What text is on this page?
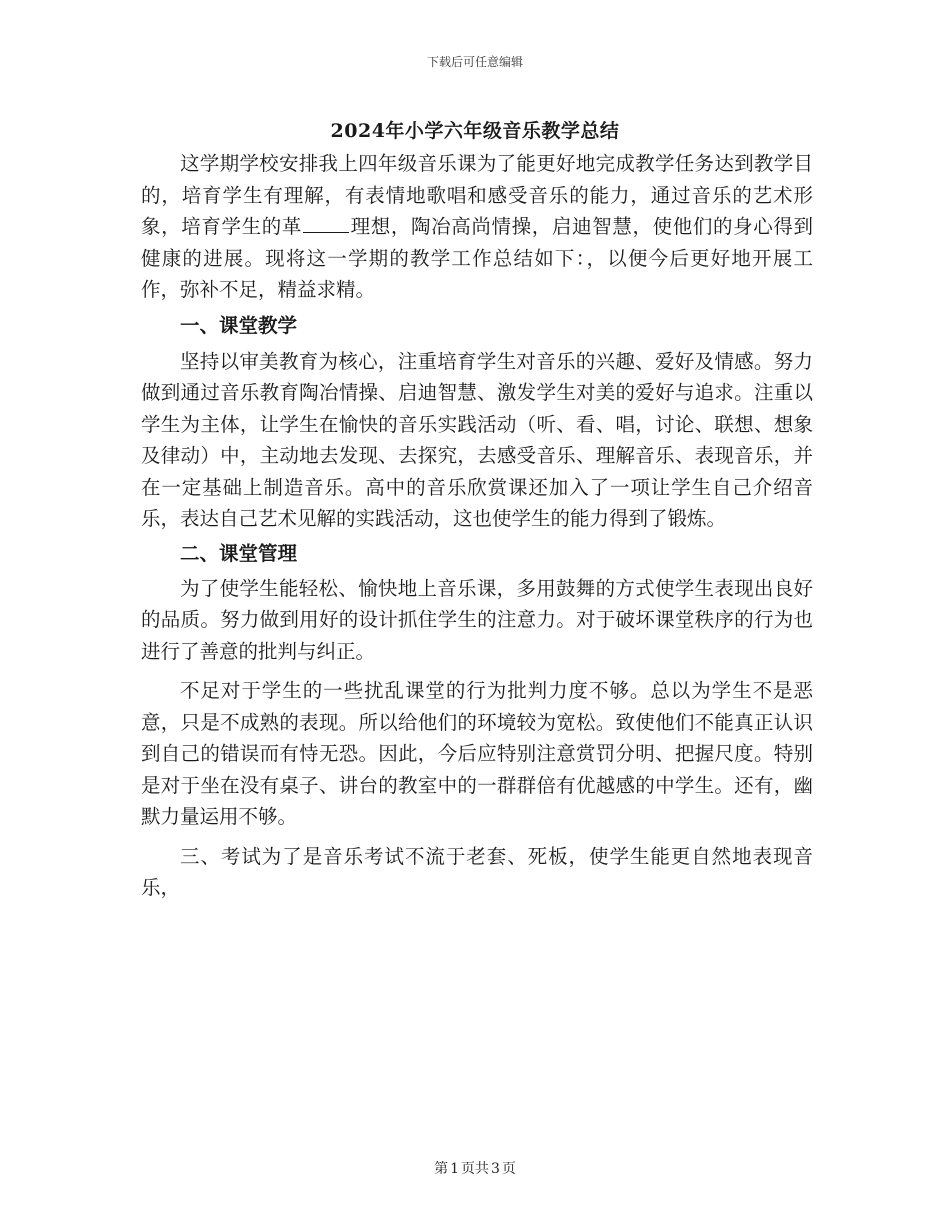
下载后可任意编辑
2024年小学六年级音乐教学总结

这学期学校安排我上四年级音乐课为了能更好地完成教学任务达到教学目的，培育学生有理解，有表情地歌唱和感受音乐的能力，通过音乐的艺术形象，培育学生的革 理想，陶冶高尚情操，启迪智慧，使他们的身心得到健康的进展。现将这一学期的教学工作总结如下：，以便今后更好地开展工作，弥补不足，精益求精。

一、课堂教学

坚持以审美教育为核心，注重培育学生对音乐的兴趣、爱好及情感。努力做到通过音乐教育陶冶情操、启迪智慧、激发学生对美的爱好与追求。注重以学生为主体，让学生在愉快的音乐实践活动（听、看、唱，讨论、联想、想象及律动）中，主动地去发现、去探究，去感受音乐、理解音乐、表现音乐，并在一定基础上制造音乐。高中的音乐欣赏课还加入了一项让学生自己介绍音乐，表达自己艺术见解的实践活动，这也使学生的能力得到了锻炼。

二、课堂管理

为了使学生能轻松、愉快地上音乐课，多用鼓舞的方式使学生表现出良好的品质。努力做到用好的设计抓住学生的注意力。对于破坏课堂秩序的行为也进行了善意的批判与纠正。

不足对于学生的一些扰乱课堂的行为批判力度不够。总以为学生不是恶意，只是不成熟的表现。所以给他们的环境较为宽松。致使他们不能真正认识到自己的错误而有恃无恐。因此，今后应特别注意赏罚分明、把握尺度。特别是对于坐在没有桌子、讲台的教室中的一群群倍有优越感的中学生。还有，幽默力量运用不够。

三、考试为了是音乐考试不流于老套、死板，使学生能更自然地表现音乐，

第 1 页共 3 页
